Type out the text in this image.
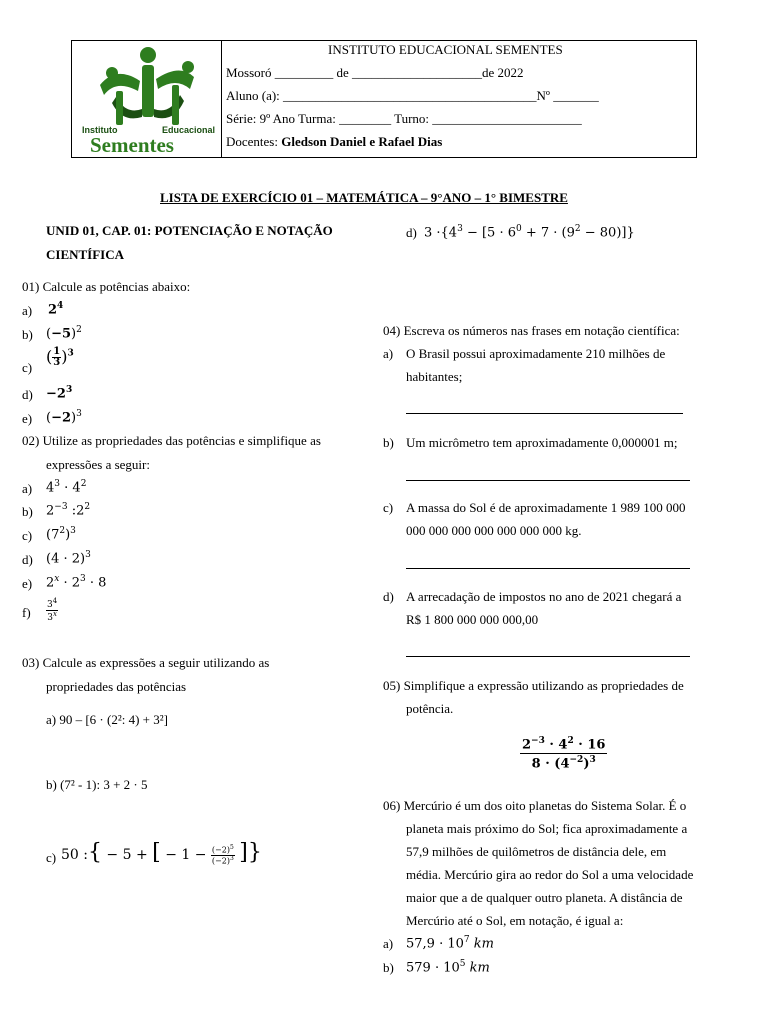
Instituto	Educacional
Sementes
INSTITUTO EDUCACIONAL SEMENTES
Mossoró _________ de ____________________de 2022
Aluno (a): _______________________________________Nº _______
Série: 9º Ano Turma: ________ Turno: _______________________
Docentes: Gledson Daniel e Rafael Dias
LISTA DE EXERCÍCIO 01 – MATEMÁTICA – 9°ANO – 1° BIMESTRE
UNID 01, CAP. 01: POTENCIAÇÃO E NOTAÇÃO
CIENTÍFICA
01) Calcule as potências abaixo:
a) $2^4$
b) $(-5)^2$
c)
( $\frac{1}{3} )^3$
$d) -2^3$
e) $(-2)^3$
02) Utilize as propriedades das potências e simplifique as
expressões a seguir:
a) $4^3 \cdot 4^2$
b) $2^{-3}$ $:2^2$
c) $(7^2)^3$
d) $(4 \cdot 2)^3$
e) $2^x \cdot 2^3 \cdot 8$
$f) \frac{3^4}{3^x}$
03) Calcule as expressões a seguir utilizando as
propriedades das potências
a) 90 – [6 · (2²: 4) + 3²]
b) (7² - 1): 3 + 2 · 5
c) 50 :{ − 5 + [ − $1 - \frac{(-2)^5}{(-2)^3}$ ]}
d) $3 \cdot\{4^3 - [5 \cdot 6^0 + 7 \cdot (9^2 - 80)]\}$
04) Escreva os números nas frases em notação científica:
a) O Brasil possui aproximadamente 210 milhões de
habitantes;
b) Um micrômetro tem aproximadamente 0,000001 m;
c) A massa do Sol é de aproximadamente 1 989 100 000
000 000 000 000 000 000 000 kg.
d) A arrecadação de impostos no ano de 2021 chegará a
R$ 1 800 000 000 000,00
05) Simplifique a expressão utilizando as propriedades de
potência.
$\frac{2^{-3} \cdot 4^2 \cdot 16}{8 \cdot (4^{-2})^3}$
06) Mercúrio é um dos oito planetas do Sistema Solar. É o
planeta mais próximo do Sol; fica aproximadamente a
57,9 milhões de quilômetros de distância dele, em
média. Mercúrio gira ao redor do Sol a uma velocidade
maior que a de qualquer outro planeta. A distância de
Mercúrio até o Sol, em notação, é igual a:
a) $57,9 \cdot 10^7$ km
b) $579 \cdot 10^5$ km
